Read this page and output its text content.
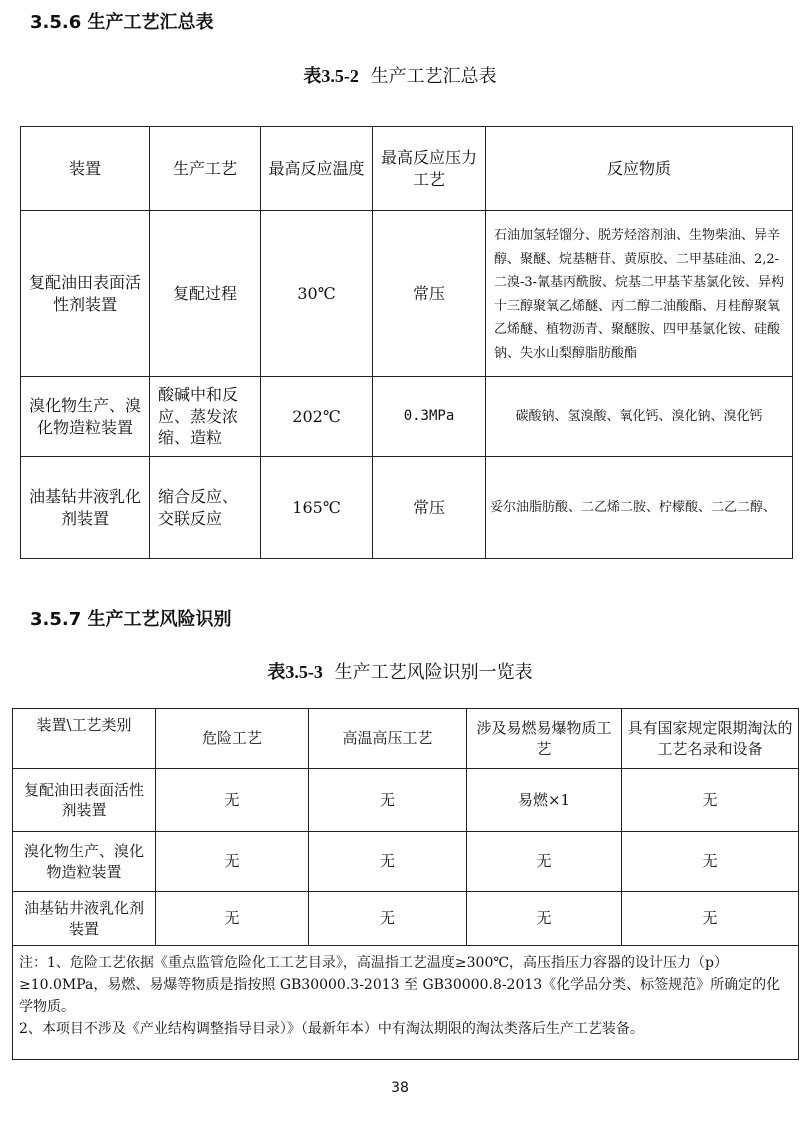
3.5.6 生产工艺汇总表
表3.5-2 生产工艺汇总表
装置	生产工艺	最高反应温度	最高反应压力工艺	反应物质
复配油田表面活性剂装置	复配过程	30℃	常压	石油加氢轻馏分、脱芳烃溶剂油、生物柴油、异辛醇、聚醚、烷基糖苷、黄原胶、二甲基硅油、2,2-二溴-3-氰基丙酰胺、烷基二甲基苄基氯化铵、异构十三醇聚氧乙烯醚、丙二醇二油酸酯、月桂醇聚氧乙烯醚、植物沥青、聚醚胺、四甲基氯化铵、硅酸钠、失水山梨醇脂肪酸酯
溴化物生产、溴化物造粒装置	酸碱中和反应、蒸发浓缩、造粒	202℃	0.3MPa	碳酸钠、氢溴酸、氧化钙、溴化钠、溴化钙
油基钻井液乳化剂装置	缩合反应、交联反应	165℃	常压	妥尔油脂肪酸、二乙烯二胺、柠檬酸、二乙二醇、
3.5.7 生产工艺风险识别
表3.5-3 生产工艺风险识别一览表
装置\工艺类别	危险工艺	高温高压工艺	涉及易燃易爆物质工艺	具有国家规定限期淘汰的工艺名录和设备
复配油田表面活性剂装置	无	无	易燃×1	无
溴化物生产、溴化物造粒装置	无	无	无	无
油基钻井液乳化剂装置	无	无	无	无

注：1、危险工艺依据《重点监管危险化工工艺目录》，高温指工艺温度≥300℃，高压指压力容器的设计压力（p）≥10.0MPa，易燃、易爆等物质是指按照 GB30000.3-2013 至 GB30000.8-2013《化学品分类、标签规范》所确定的化学物质。
2、本项目不涉及《产业结构调整指导目录）》（最新年本）中有淘汰期限的淘汰类落后生产工艺装备。				
38
